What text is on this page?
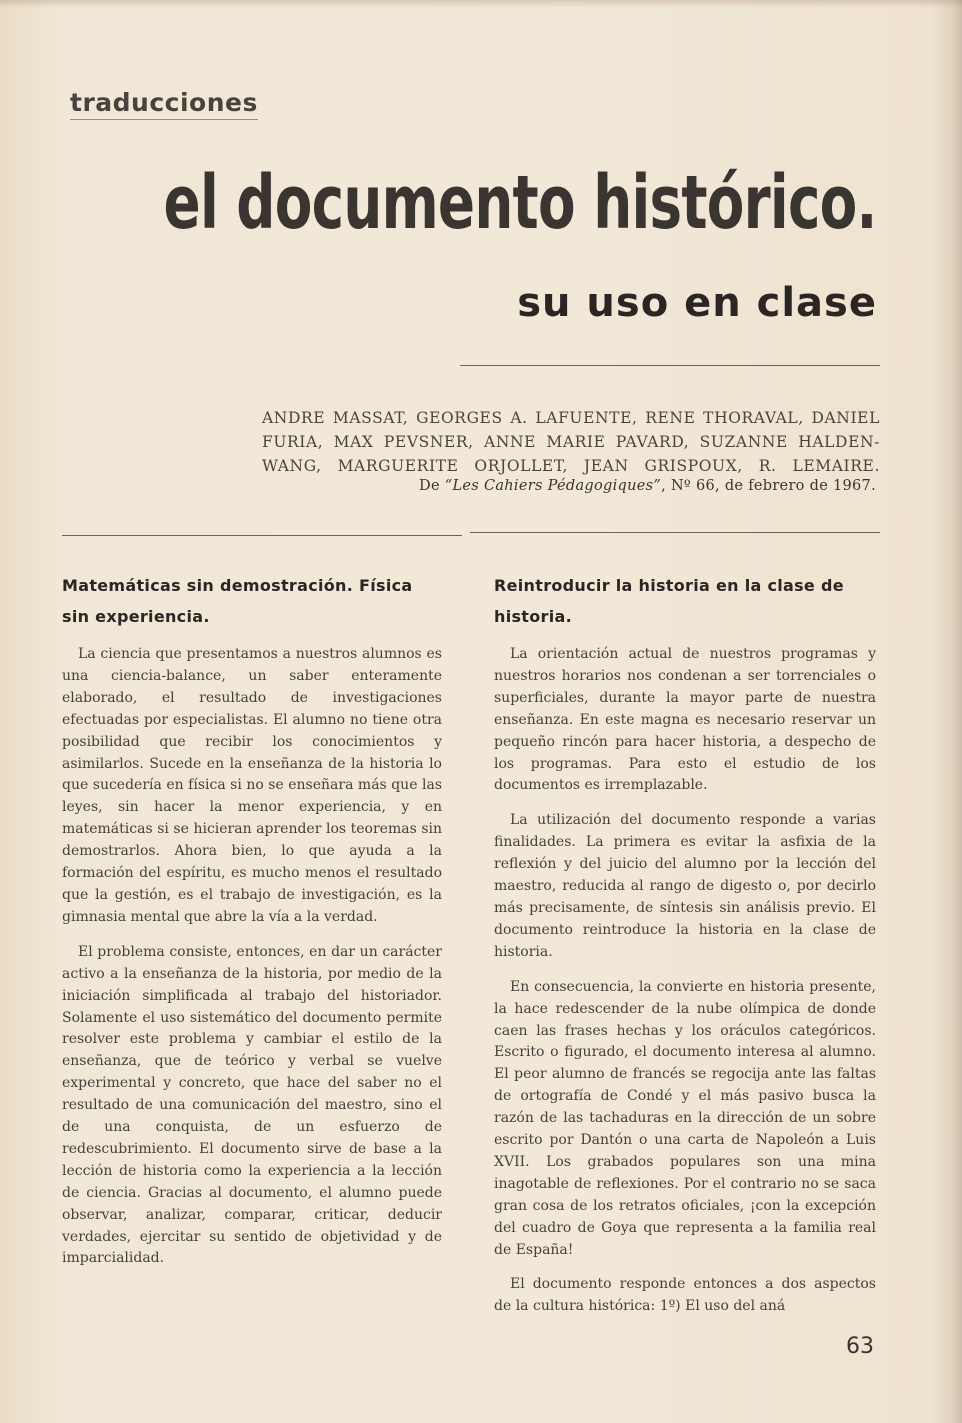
traducciones
el documento histórico.
su uso en clase
ANDRE MASSAT, GEORGES A. LAFUENTE, RENE THORAVAL, DANIEL
FURIA, MAX PEVSNER, ANNE MARIE PAVARD, SUZANNE HALDEN-
WANG, MARGUERITE ORJOLLET, JEAN GRISPOUX, R. LEMAIRE.
De “Les Cahiers Pédagogiques”, Nº 66, de febrero de 1967.
Matemáticas sin demostración. Física sin experiencia.

La ciencia que presentamos a nuestros alumnos es una ciencia-balance, un saber enteramente elaborado, el resultado de investigaciones efectuadas por especialistas. El alumno no tiene otra posibilidad que recibir los conocimientos y asimilarlos. Sucede en la enseñanza de la historia lo que sucedería en física si no se enseñara más que las leyes, sin hacer la menor experiencia, y en matemáticas si se hicieran aprender los teoremas sin demostrarlos. Ahora bien, lo que ayuda a la formación del espíritu, es mucho menos el resultado que la gestión, es el trabajo de investigación, es la gimnasia mental que abre la vía a la verdad.

El problema consiste, entonces, en dar un carácter activo a la enseñanza de la historia, por medio de la iniciación simplificada al trabajo del historiador. Solamente el uso sistemático del documento permite resolver este problema y cambiar el estilo de la enseñanza, que de teórico y verbal se vuelve experimental y concreto, que hace del saber no el resultado de una comunicación del maestro, sino el de una conquista, de un esfuerzo de redescubrimiento. El documento sirve de base a la lección de historia como la experiencia a la lección de ciencia. Gracias al documento, el alumno puede observar, analizar, comparar, criticar, deducir verdades, ejercitar su sentido de objetividad y de imparcialidad.

Reintroducir la historia en la clase de historia.

La orientación actual de nuestros programas y nuestros horarios nos condenan a ser torrenciales o superficiales, durante la mayor parte de nuestra enseñanza. En este magna es necesario reservar un pequeño rincón para hacer historia, a despecho de los programas. Para esto el estudio de los documentos es irremplazable.

La utilización del documento responde a varias finalidades. La primera es evitar la asfixia de la reflexión y del juicio del alumno por la lección del maestro, reducida al rango de digesto o, por decirlo más precisamente, de síntesis sin análisis previo. El documento reintroduce la historia en la clase de historia.

En consecuencia, la convierte en historia presente, la hace redescender de la nube olímpica de donde caen las frases hechas y los oráculos categóricos. Escrito o figurado, el documento interesa al alumno. El peor alumno de francés se regocija ante las faltas de ortografía de Condé y el más pasivo busca la razón de las tachaduras en la dirección de un sobre escrito por Dantón o una carta de Napoleón a Luis XVII. Los grabados populares son una mina inagotable de reflexiones. Por el contrario no se saca gran cosa de los retratos oficiales, ¡con la excepción del cuadro de Goya que representa a la familia real de España!

El documento responde entonces a dos aspectos de la cultura histórica: 1º) El uso del aná

63
